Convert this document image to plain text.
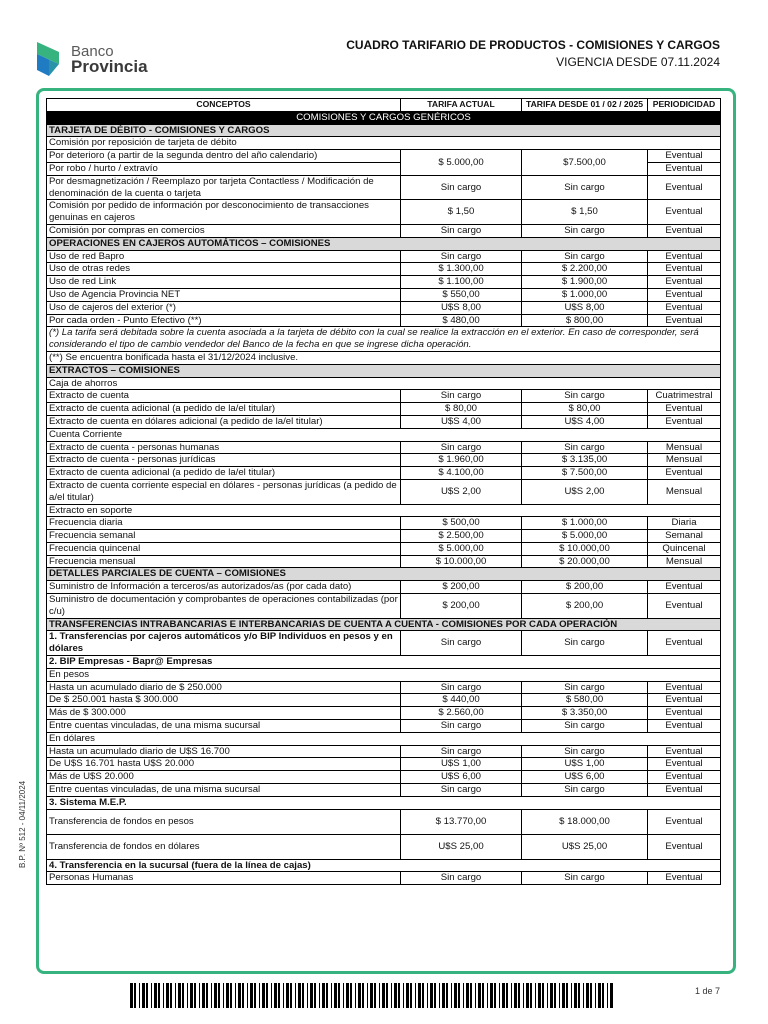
Banco
Provincia
CUADRO TARIFARIO DE PRODUCTOS - COMISIONES Y CARGOS
VIGENCIA DESDE 07.11.2024
CONCEPTOS	TARIFA ACTUAL	TARIFA DESDE 01 / 02 / 2025	PERIODICIDAD
COMISIONES Y CARGOS GENÉRICOS			
TARJETA DE DÉBITO - COMISIONES Y CARGOS			
Comisión por reposición de tarjeta de débito			
Por deterioro (a partir de la segunda dentro del año calendario)	$ 5.000,00	$7.500,00	Eventual
Por robo / hurto / extravío			Eventual
Por desmagnetización / Reemplazo por tarjeta Contactless / Modificación de denominación de la cuenta o tarjeta	Sin cargo	Sin cargo	Eventual
Comisión por pedido de información por desconocimiento de transacciones genuinas en cajeros	$ 1,50	$ 1,50	Eventual
Comisión por compras en comercios	Sin cargo	Sin cargo	Eventual
OPERACIONES EN CAJEROS AUTOMÁTICOS – COMISIONES			
Uso de red Bapro	Sin cargo	Sin cargo	Eventual
Uso de otras redes	$ 1.300,00	$ 2.200,00	Eventual
Uso de red Link	$ 1.100,00	$ 1.900,00	Eventual
Uso de Agencia Provincia NET	$ 550,00	$ 1.000,00	Eventual
Uso de cajeros del exterior (*)	U$S 8,00	U$S 8,00	Eventual
Por cada orden - Punto Efectivo (**)	$ 480,00	$ 800,00	Eventual
(*) La tarifa será debitada sobre la cuenta asociada a la tarjeta de débito con la cual se realice la extracción en el exterior. En caso de corresponder, será considerando el tipo de cambio vendedor del Banco de la fecha en que se ingrese dicha operación.			
(**) Se encuentra bonificada hasta el 31/12/2024 inclusive.			
EXTRACTOS – COMISIONES			
Caja de ahorros			
Extracto de cuenta	Sin cargo	Sin cargo	Cuatrimestral
Extracto de cuenta adicional (a pedido de la/el titular)	$ 80,00	$ 80,00	Eventual
Extracto de cuenta en dólares adicional (a pedido de la/el titular)	U$S 4,00	U$S 4,00	Eventual
Cuenta Corriente			
Extracto de cuenta - personas humanas	Sin cargo	Sin cargo	Mensual
Extracto de cuenta - personas jurídicas	$ 1.960,00	$ 3.135,00	Mensual
Extracto de cuenta adicional (a pedido de la/el titular)	$ 4.100,00	$ 7.500,00	Eventual
Extracto de cuenta corriente especial en dólares - personas jurídicas (a pedido de a/el titular)	U$S 2,00	U$S 2,00	Mensual
Extracto en soporte			
Frecuencia diaria	$ 500,00	$ 1.000,00	Diaria
Frecuencia semanal	$ 2.500,00	$ 5.000,00	Semanal
Frecuencia quincenal	$ 5.000,00	$ 10.000,00	Quincenal
Frecuencia mensual	$ 10.000,00	$ 20.000,00	Mensual
DETALLES PARCIALES DE CUENTA – COMISIONES			
Suministro de Información a terceros/as autorizados/as (por cada dato)	$ 200,00	$ 200,00	Eventual
Suministro de documentación y comprobantes de operaciones contabilizadas (por c/u)	$ 200,00	$ 200,00	Eventual
TRANSFERENCIAS INTRABANCARIAS E INTERBANCARIAS DE CUENTA A CUENTA - COMISIONES POR CADA OPERACIÓN			
1. Transferencias por cajeros automáticos y/o BIP Individuos en pesos y en dólares	Sin cargo	Sin cargo	Eventual
2. BIP Empresas - Bapr@ Empresas			
En pesos			
Hasta un acumulado diario de $ 250.000	Sin cargo	Sin cargo	Eventual
De $ 250.001 hasta $ 300.000	$ 440,00	$ 580,00	Eventual
Más de $ 300.000	$ 2.560,00	$ 3.350,00	Eventual
Entre cuentas vinculadas, de una misma sucursal	Sin cargo	Sin cargo	Eventual
En dólares			
Hasta un acumulado diario de U$S 16.700	Sin cargo	Sin cargo	Eventual
De U$S 16.701 hasta U$S 20.000	U$S 1,00	U$S 1,00	Eventual
Más de U$S 20.000	U$S 6,00	U$S 6,00	Eventual
Entre cuentas vinculadas, de una misma sucursal	Sin cargo	Sin cargo	Eventual
3. Sistema M.E.P.			
Transferencia de fondos en pesos	$ 13.770,00	$ 18.000,00	Eventual
Transferencia de fondos en dólares	U$S 25,00	U$S 25,00	Eventual
4. Transferencia en la sucursal (fuera de la línea de cajas)			
Personas Humanas	Sin cargo	Sin cargo	Eventual
B.P. Nº 512 - 04/11/2024
1 de 7
